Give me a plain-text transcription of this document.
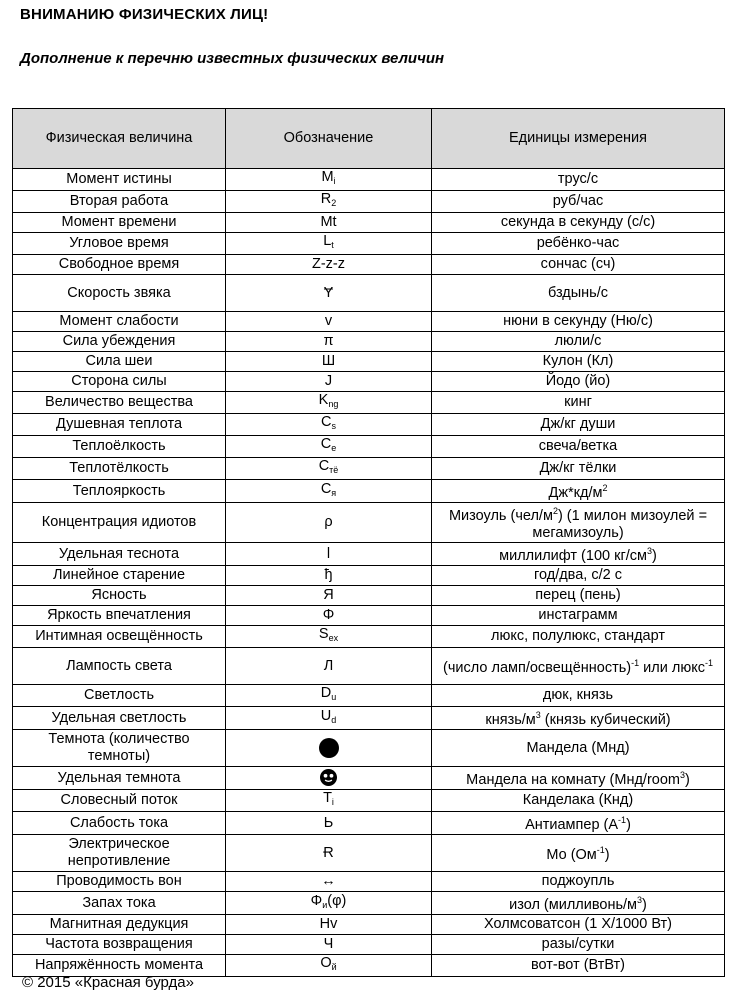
ВНИМАНИЮ ФИЗИЧЕСКИХ ЛИЦ!
Дополнение к перечню известных физических величин
Физическая величина	Обозначение	Единицы измерения
Момент истины	$M_i$	трус/с
Вторая работа	$R_2$	руб/час
Момент времени	Mt	секунда в секунду (с/с)
Угловое время	$L_t$	ребёнко-час
Свободное время	Z-z-z	сончас (сч)
Скорость звяка	Ɏ	бздынь/с
Момент слабости	v	нюни в секунду (Ню/с)
Сила убеждения	π	люли/с
Сила шеи	Ш	Кулон (Кл)
Сторона силы	J	Йодо (йо)
Величество вещества	$K_{ng}$	кинг
Душевная теплота	$C_s$	Дж/кг души
Теплоёлкость	$C_е$	свеча/ветка
Теплотёлкость	$C_{тё}$	Дж/кг тёлки
Теплояркость	$C_я$	$Дж*кд/м^2$
Концентрация идиотов	ρ	Мизоуль $(чел/м^2)$ (1 милон мизоулей = мегамизоуль)
Удельная теснота	l	миллилифт (100 $кг/см^3$)
Линейное старение	ђ	год/два, с/2 с
Ясность	Я	перец (пень)
Яркость впечатления	Φ	инстаграмм
Интимная освещённость	$S_{ex}$	люкс, полулюкс, стандарт
Лампость света	Л	(число ламп/освещённость)$^{-1}$ или люкс$^{-1}$
Светлость	$D_u$	дюк, князь
Удельная светлость	$U_d$	князь/$м^3$ (князь кубический)
Темнота (количество темноты)		Мандела (Мнд)
Удельная темнота		Мандела на комнату (Мнд/room$^3$)
Словесный поток	$T_i$	Канделака (Кнд)
Слабость тока	Ь	Антиампер $(А^{-1})$
Электрическое непротивление	Ɍ	Мо $(Ом^{-1})$
Проводимость вон	↔	поджоупль
Запах тока	$\Phi_и(\varphi)$	изол $(милливонь/м^3)$
Магнитная дедукция	Hv	Холмсоватсон (1 Х/1000 Вт)
Частота возвращения	Ч	разы/сутки
Напряжённость момента	$O_й$	вот-вот (ВтВт)
© 2015 «Красная бурда»
